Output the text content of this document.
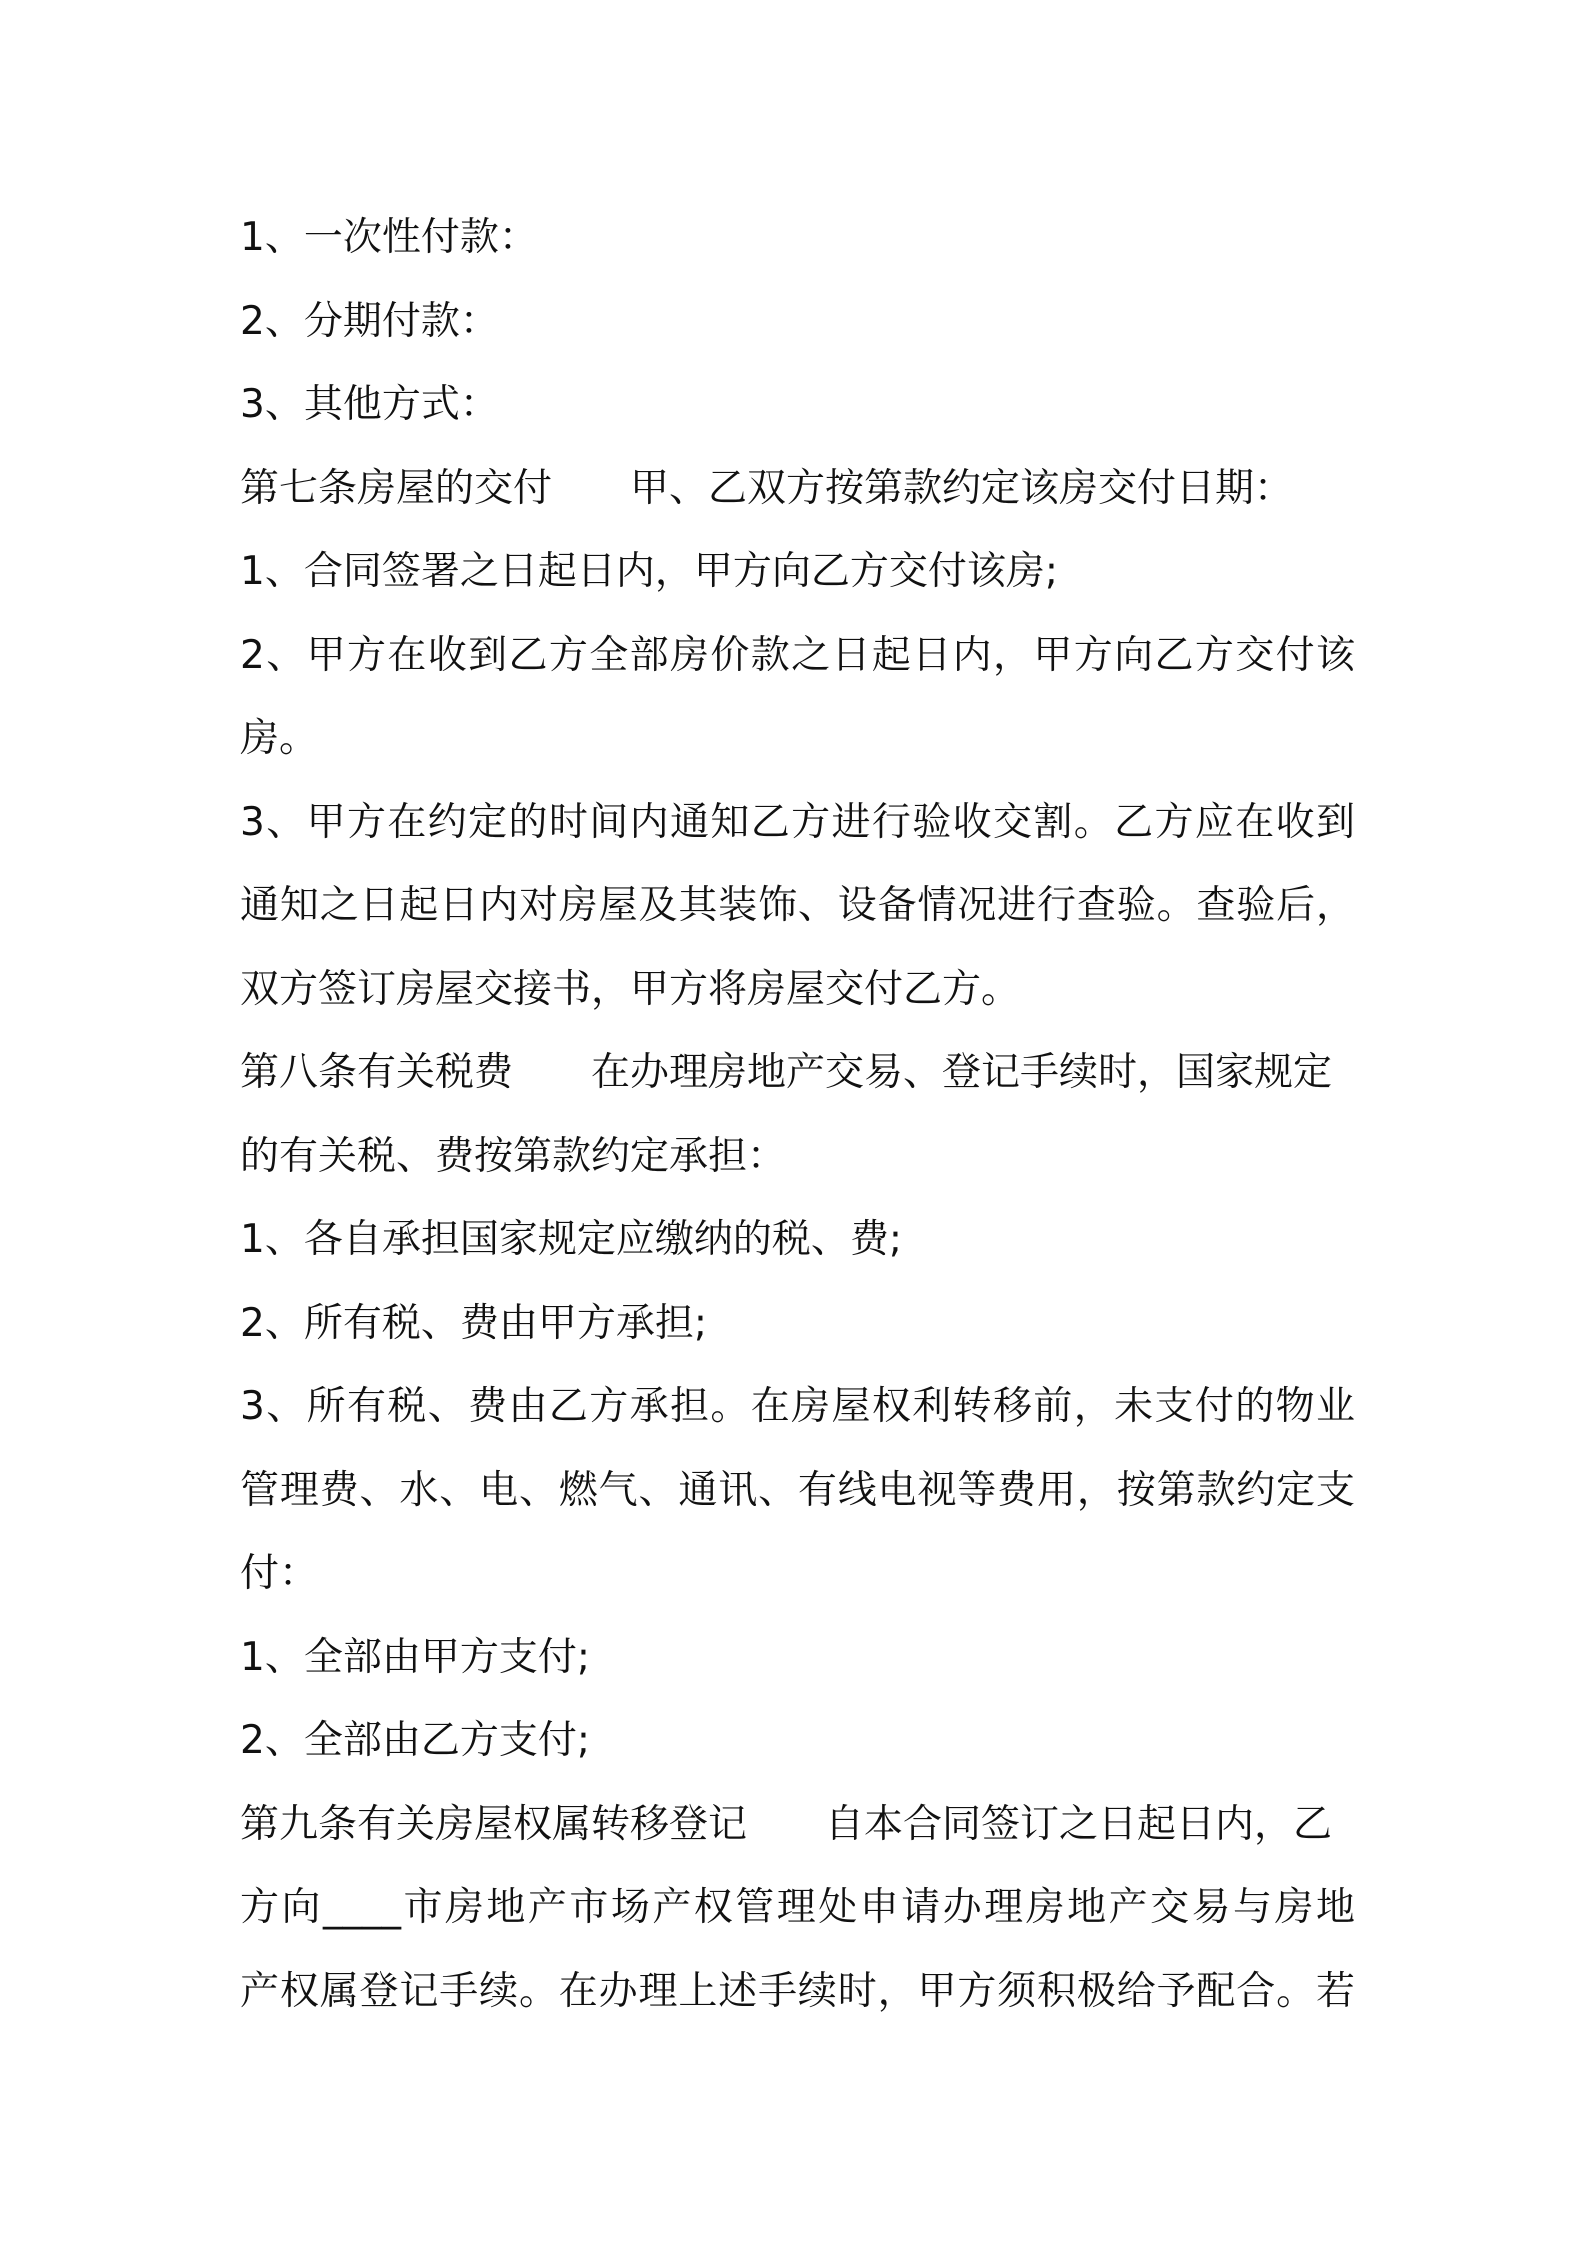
1、一次性付款：
2、分期付款：
3、其他方式：
第七条房屋的交付 甲、乙双方按第款约定该房交付日期：
1、合同签署之日起日内，甲方向乙方交付该房;
2、甲方在收到乙方全部房价款之日起日内，甲方向乙方交付该
房。
3、甲方在约定的时间内通知乙方进行验收交割。乙方应在收到
通知之日起日内对房屋及其装饰、设备情况进行查验。查验后，
双方签订房屋交接书，甲方将房屋交付乙方。
第八条有关税费 在办理房地产交易、登记手续时，国家规定
的有关税、费按第款约定承担：
1、各自承担国家规定应缴纳的税、费;
2、所有税、费由甲方承担;
3、所有税、费由乙方承担。在房屋权利转移前，未支付的物业
管理费、水、电、燃气、通讯、有线电视等费用，按第款约定支
付：
1、全部由甲方支付;
2、全部由乙方支付;
第九条有关房屋权属转移登记 自本合同签订之日起日内，乙
方向____市房地产市场产权管理处申请办理房地产交易与房地
产权属登记手续。在办理上述手续时，甲方须积极给予配合。若
